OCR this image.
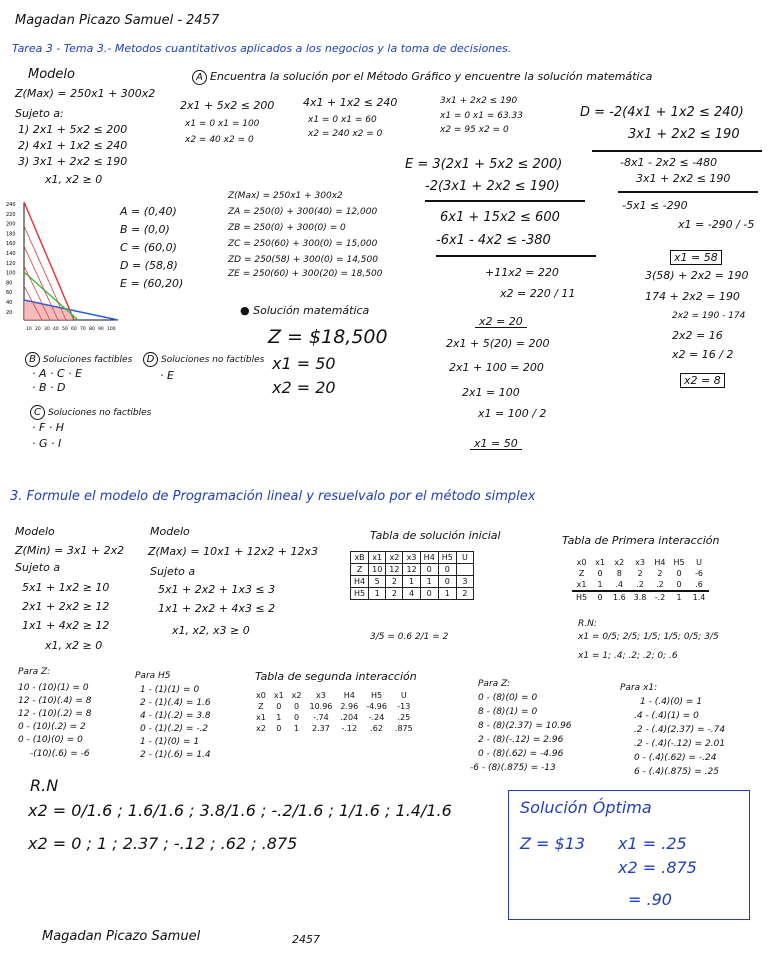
Magadan Picazo Samuel - 2457
Tarea 3 - Tema 3.- Metodos cuantitativos aplicados a los negocios y la toma de decisiones.
Modelo
Z(Max) = 250x1 + 300x2
Sujeto a:
1) 2x1 + 5x2 ≤ 200
2) 4x1 + 1x2 ≤ 240
3) 3x1 + 2x2 ≤ 190
x1, x2 ≥ 0
A Encuentra la solución por el Método Gráfico y encuentre la solución matemática
2x1 + 5x2 ≤ 200
x1 = 0 x1 = 100
x2 = 40 x2 = 0
4x1 + 1x2 ≤ 240
x1 = 0 x1 = 60
x2 = 240 x2 = 0
3x1 + 2x2 ≤ 190
x1 = 0 x1 = 63.33
x2 = 95 x2 = 0
D = -2(4x1 + 1x2 ≤ 240)
3x1 + 2x2 ≤ 190
-8x1 - 2x2 ≤ -480
3x1 + 2x2 ≤ 190
-5x1 ≤ -290
x1 = -290 / -5
x1 = 58
3(58) + 2x2 = 190
174 + 2x2 = 190
2x2 = 190 - 174
2x2 = 16
x2 = 16 / 2
x2 = 8
E = 3(2x1 + 5x2 ≤ 200)
-2(3x1 + 2x2 ≤ 190)
6x1 + 15x2 ≤ 600
-6x1 - 4x2 ≤ -380
+11x2 = 220
x2 = 220 / 11
x2 = 20
2x1 + 5(20) = 200
2x1 + 100 = 200
2x1 = 100
x1 = 100 / 2
x1 = 50
240
220
200
180
160
140
120
100
80
60
40
20
10 20 30 40 50 60 70 80 90 100
A = (0,40)
B = (0,0)
C = (60,0)
D = (58,8)
E = (60,20)
Z(Max) = 250x1 + 300x2
ZA = 250(0) + 300(40) = 12,000
ZB = 250(0) + 300(0) = 0
ZC = 250(60) + 300(0) = 15,000
ZD = 250(58) + 300(0) = 14,500
ZE = 250(60) + 300(20) = 18,500
● Solución matemática
Z = $18,500
x1 = 50
x2 = 20
B Soluciones factibles
· A · C · E
· B · D
D Soluciones no factibles
· E
C Soluciones no factibles
· F · H
· G · I
3. Formule el modelo de Programación lineal y resuelvalo por el método simplex
Modelo
Z(Min) = 3x1 + 2x2
Sujeto a
5x1 + 1x2 ≥ 10
2x1 + 2x2 ≥ 12
1x1 + 4x2 ≥ 12
x1, x2 ≥ 0
Modelo
Z(Max) = 10x1 + 12x2 + 12x3
Sujeto a
5x1 + 2x2 + 1x3 ≤ 3
1x1 + 2x2 + 4x3 ≤ 2
x1, x2, x3 ≥ 0
Tabla de solución inicial
xB	x1	x2	x3	H4	H5	U
Z	10	12	12	0	0	
H4	5	2	1	1	0	3
H5	1	2	4	0	1	2
3/5 = 0.6 2/1 = 2
Tabla de Primera interacción
x0	x1	x2	x3	H4	H5	U
Z	0	8	2	2	0	-6
x1	1	.4	.2	.2	0	.6
H5	0	1.6	3.8	-.2	1	1.4
R.N:
x1 = 0/5; 2/5; 1/5; 1/5; 0/5; 3/5
x1 = 1; .4; .2; .2; 0; .6
Para Z:
10 - (10)(1) = 0
12 - (10)(.4) = 8
12 - (10)(.2) = 8
0 - (10)(.2) = 2
0 - (10)(0) = 0
-(10)(.6) = -6
Para H5
1 - (1)(1) = 0
2 - (1)(.4) = 1.6
4 - (1)(.2) = 3.8
0 - (1)(.2) = -.2
1 - (1)(0) = 1
2 - (1)(.6) = 1.4
Tabla de segunda interacción
x0	x1	x2	x3	H4	H5	U
Z	0	0	10.96	2.96	-4.96	-13
x1	1	0	-.74	.204	-.24	.25
x2	0	1	2.37	-.12	.62	.875
Para Z:
0 - (8)(0) = 0
8 - (8)(1) = 0
8 - (8)(2.37) = 10.96
2 - (8)(-.12) = 2.96
0 - (8)(.62) = -4.96
-6 - (8)(.875) = -13
Para x1:
1 - (.4)(0) = 1
.4 - (.4)(1) = 0
.2 - (.4)(2.37) = -.74
.2 - (.4)(-.12) = 2.01
0 - (.4)(.62) = -.24
6 - (.4)(.875) = .25
R.N
x2 = 0/1.6 ; 1.6/1.6 ; 3.8/1.6 ; -.2/1.6 ; 1/1.6 ; 1.4/1.6
x2 = 0 ; 1 ; 2.37 ; -.12 ; .62 ; .875
Solución Óptima
Z = $13 x1 = .25
x2 = .875
= .90
Magadan Picazo Samuel	2457
